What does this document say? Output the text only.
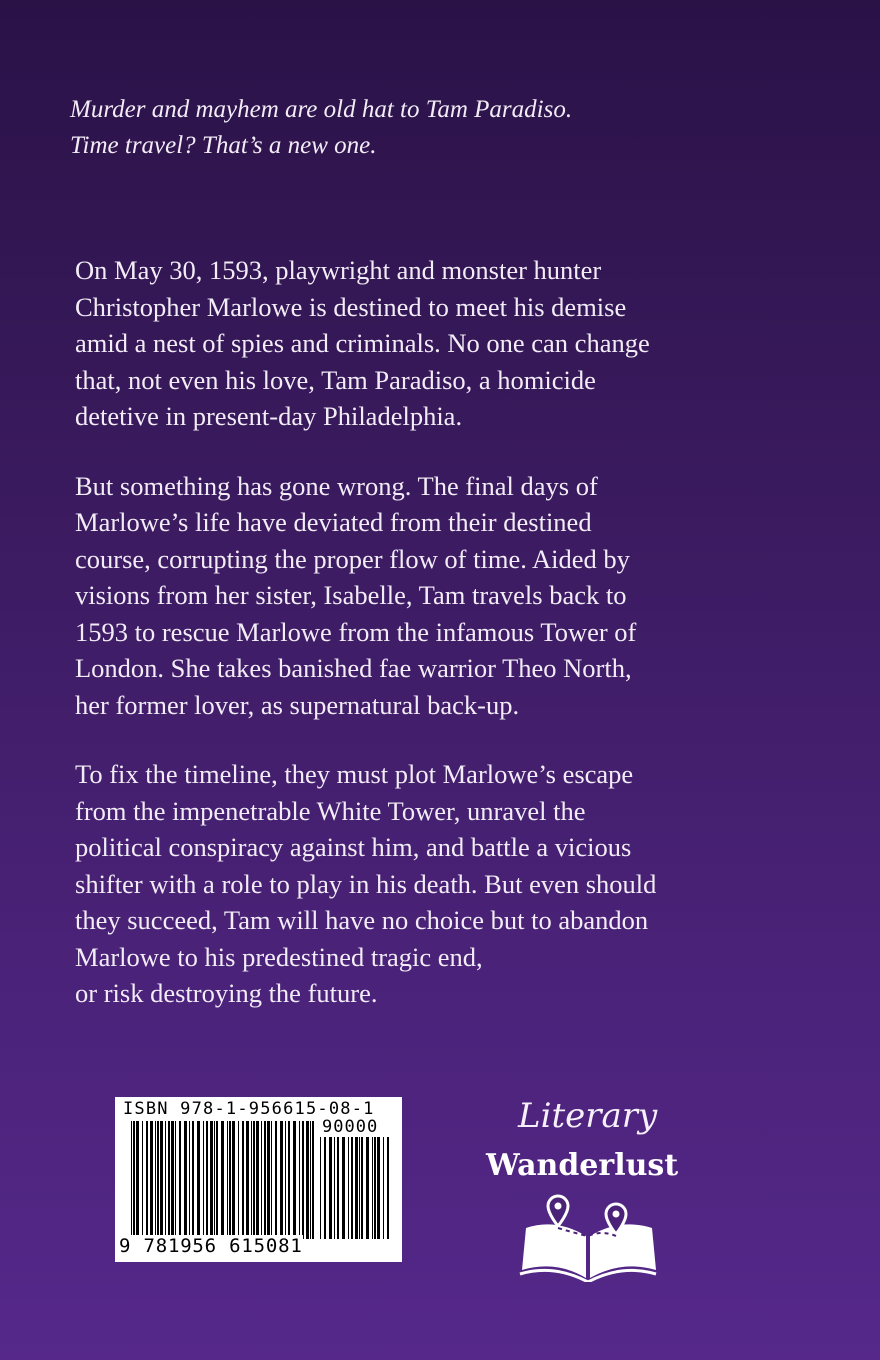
Murder and mayhem are old hat to Tam Paradiso.
Time travel? That’s a new one.

On May 30, 1593, playwright and monster hunter
Christopher Marlowe is destined to meet his demise
amid a nest of spies and criminals. No one can change
that, not even his love, Tam Paradiso, a homicide
detetive in present-day Philadelphia.

But something has gone wrong. The final days of
Marlowe’s life have deviated from their destined
course, corrupting the proper flow of time. Aided by
visions from her sister, Isabelle, Tam travels back to
1593 to rescue Marlowe from the infamous Tower of
London. She takes banished fae warrior Theo North,
her former lover, as supernatural back-up.

To fix the timeline, they must plot Marlowe’s escape
from the impenetrable White Tower, unravel the
political conspiracy against him, and battle a vicious
shifter with a role to play in his death. But even should
they succeed, Tam will have no choice but to abandon
Marlowe to his predestined tragic end,
or risk destroying the future.

ISBN 978-1-956615-08-1
90000
9 781956 615081
Literary
Wanderlust
